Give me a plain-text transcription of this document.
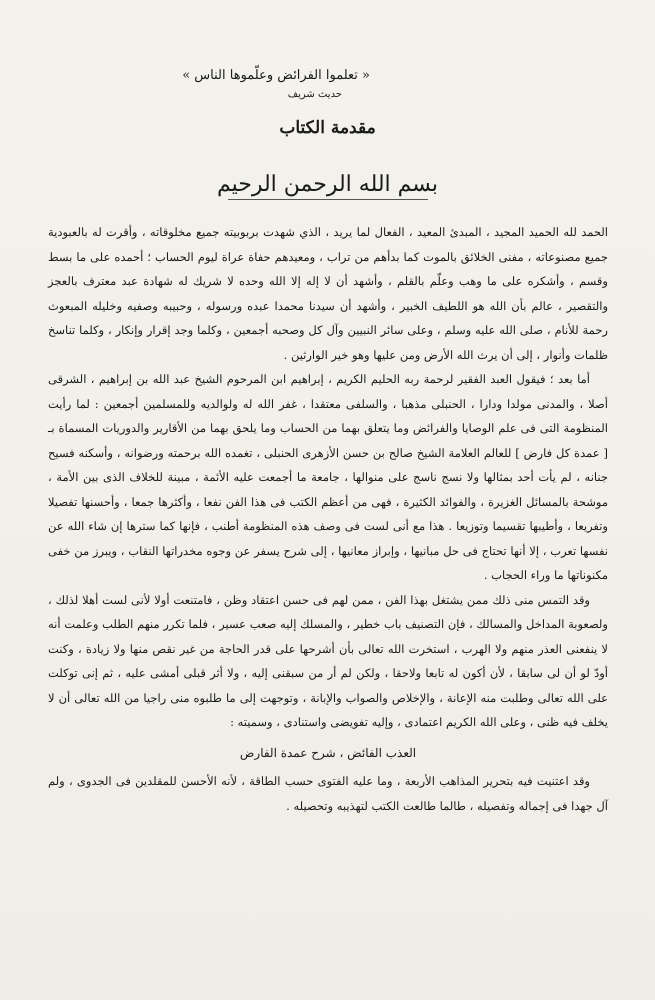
« تعلموا الفرائض وعلّموها الناس »
حديث شريف
مقدمة الكتاب
بسم الله الرحمن الرحيم

الحمد لله الحميد المجيد ، المبدئ المعيد ، الفعال لما يريد ، الذي شهدت بربوبيته جميع مخلوقاته ، وأقرت له بالعبودية جميع مصنوعاته ، مفنى الخلائق بالموت كما بدأهم من تراب ، ومعيدهم حفاة عراة ليوم الحساب ؛ أحمده على ما بسط وقسم ، وأشكره على ما وهب وعلّم بالقلم ، وأشهد أن لا إله إلا الله وحده لا شريك له شهادة عبد معترف بالعجز والتقصير ، عالم بأن الله هو اللطيف الخبير ، وأشهد أن سيدنا محمدا عبده ورسوله ، وحبيبه وصفيه وخليله المبعوث رحمة للأنام ، صلى الله عليه وسلم ، وعلى سائر النبيين وآل كل وصحبه أجمعين ، وكلما وجد إقرار وإنكار ، وكلما تناسخ ظلمات وأنوار ، إلى أن يرث الله الأرض ومن عليها وهو خير الوارثين .

أما بعد ؛ فيقول العبد الفقير لرحمة ربه الحليم الكريم ، إبراهيم ابن المرحوم الشيخ عبد الله بن إبراهيم ، الشرقى أصلا ، والمدنى مولدا ودارا ، الحنبلى مذهبا ، والسلفى معتقدا ، غفر الله له ولوالديه وللمسلمين أجمعين : لما رأيت المنظومة التى فى علم الوصايا والفرائض وما يتعلق بهما من الحساب وما يلحق بهما من الأقارير والدوريات المسماة بـ [ عمدة كل فارض ] للعالم العلامة الشيخ صالح بن حسن الأزهرى الحنبلى ، تغمده الله برحمته ورضوانه ، وأسكنه فسيح جنانه ، لم يأت أحد بمثالها ولا نسج ناسج على منوالها ، جامعة ما أجمعت عليه الأئمة ، مبينة للخلاف الذى بين الأمة ، موشحة بالمسائل الغزيرة ، والفوائد الكثيرة ، فهى من أعظم الكتب فى هذا الفن نفعا ، وأكثرها جمعا ، وأحسنها تفصيلا وتفريعا ، وأطيبها تقسيما وتوزيعا . هذا مع أنى لست فى وصف هذه المنظومة أطنب ، فإنها كما سترها إن شاء الله عن نفسها تعرب ، إلا أنها تحتاج فى حل مبانيها ، وإبراز معانيها ، إلى شرح يسفر عن وجوه مخدراتها النقاب ، ويبرز من خفى مكنوناتها ما وراء الحجاب .

وقد التمس منى ذلك ممن يشتغل بهذا الفن ، ممن لهم فى حسن اعتقاد وظن ، فامتنعت أولا لأنى لست أهلا لذلك ، ولصعوبة المداخل والمسالك ، فإن التصنيف باب خطير ، والمسلك إليه صعب عسير ، فلما تكرر منهم الطلب وعلمت أنه لا ينفعنى العذر منهم ولا الهرب ، استخرت الله تعالى بأن أشرحها على قدر الحاجة من غير نقص منها ولا زيادة ، وكنت أودّ لو أن لى سابقا ، لأن أكون له تابعا ولاحقا ، ولكن لم أر من سبقنى إليه ، ولا أثر قبلى أمشى عليه ، ثم إنى توكلت على الله تعالى وطلبت منه الإعانة ، والإخلاص والصواب والإبانة ، وتوجهت إلى ما طلبوه منى راجيا من الله تعالى أن لا يخلف فيه ظنى ، وعلى الله الكريم اعتمادى ، وإليه تفويضى واستنادى ، وسميته :

العذب الفائض ، شرح عمدة الفارض

وقد اعتنيت فيه بتحرير المذاهب الأربعة ، وما عليه الفتوى حسب الطاقة ، لأنه الأحسن للمقلدين فى الجدوى ، ولم آل جهدا فى إجماله وتفصيله ، طالما طالعت الكتب لتهذيبه وتحصيله .
